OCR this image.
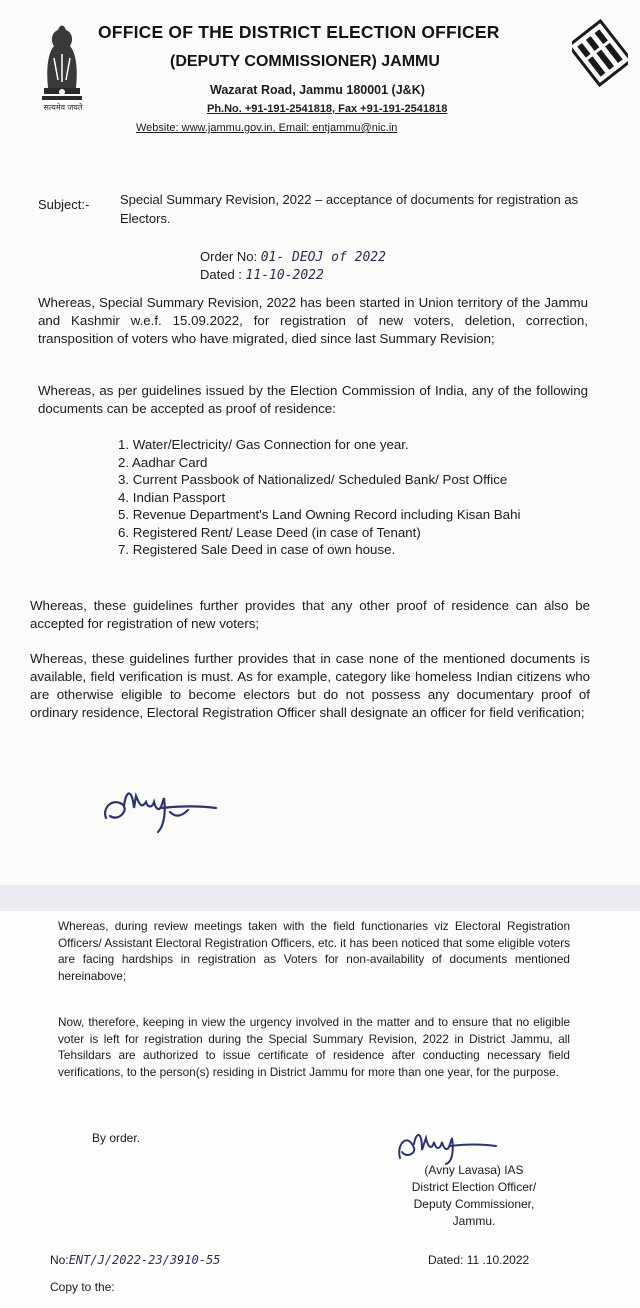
सत्यमेव जयते
OFFICE OF THE DISTRICT ELECTION OFFICER
(DEPUTY COMMISSIONER) JAMMU
Wazarat Road, Jammu 180001 (J&K)
Ph.No. +91-191-2541818, Fax +91-191-2541818
Website: www.jammu.gov.in, Email: entjammu@nic.in
Subject:- Special Summary Revision, 2022 – acceptance of documents for registration as Electors.
Order No: 01- DEOJ of 2022
Dated : 11-10-2022
Whereas, Special Summary Revision, 2022 has been started in Union territory of the Jammu and Kashmir w.e.f. 15.09.2022, for registration of new voters, deletion, correction, transposition of voters who have migrated, died since last Summary Revision;
Whereas, as per guidelines issued by the Election Commission of India, any of the following documents can be accepted as proof of residence:
1. Water/Electricity/ Gas Connection for one year.
2. Aadhar Card
3. Current Passbook of Nationalized/ Scheduled Bank/ Post Office
4. Indian Passport
5. Revenue Department's Land Owning Record including Kisan Bahi
6. Registered Rent/ Lease Deed (in case of Tenant)
7. Registered Sale Deed in case of own house.
Whereas, these guidelines further provides that any other proof of residence can also be accepted for registration of new voters;
Whereas, these guidelines further provides that in case none of the mentioned documents is available, field verification is must. As for example, category like homeless Indian citizens who are otherwise eligible to become electors but do not possess any documentary proof of ordinary residence, Electoral Registration Officer shall designate an officer for field verification;
Whereas, during review meetings taken with the field functionaries viz Electoral Registration Officers/ Assistant Electoral Registration Officers, etc. it has been noticed that some eligible voters are facing hardships in registration as Voters for non-availability of documents mentioned hereinabove;
Now, therefore, keeping in view the urgency involved in the matter and to ensure that no eligible voter is left for registration during the Special Summary Revision, 2022 in District Jammu, all Tehsildars are authorized to issue certificate of residence after conducting necessary field verifications, to the person(s) residing in District Jammu for more than one year, for the purpose.
By order.
(Avny Lavasa) IAS
District Election Officer/
Deputy Commissioner,
Jammu.
No:ENT/J/2022-23/3910-55	Dated: 11 .10.2022
Copy to the:
